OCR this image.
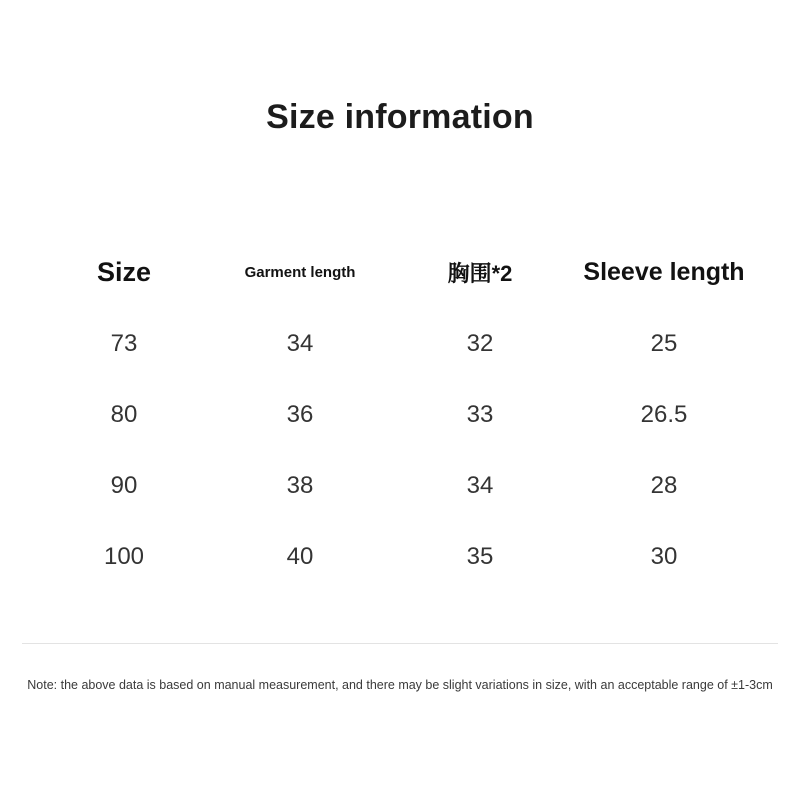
Size information
Size	Garment length	胸围*2	Sleeve length
73	34	32	25
80	36	33	26.5
90	38	34	28
100	40	35	30
Note: the above data is based on manual measurement, and there may be slight variations in size, with an acceptable range of ±1-3cm
